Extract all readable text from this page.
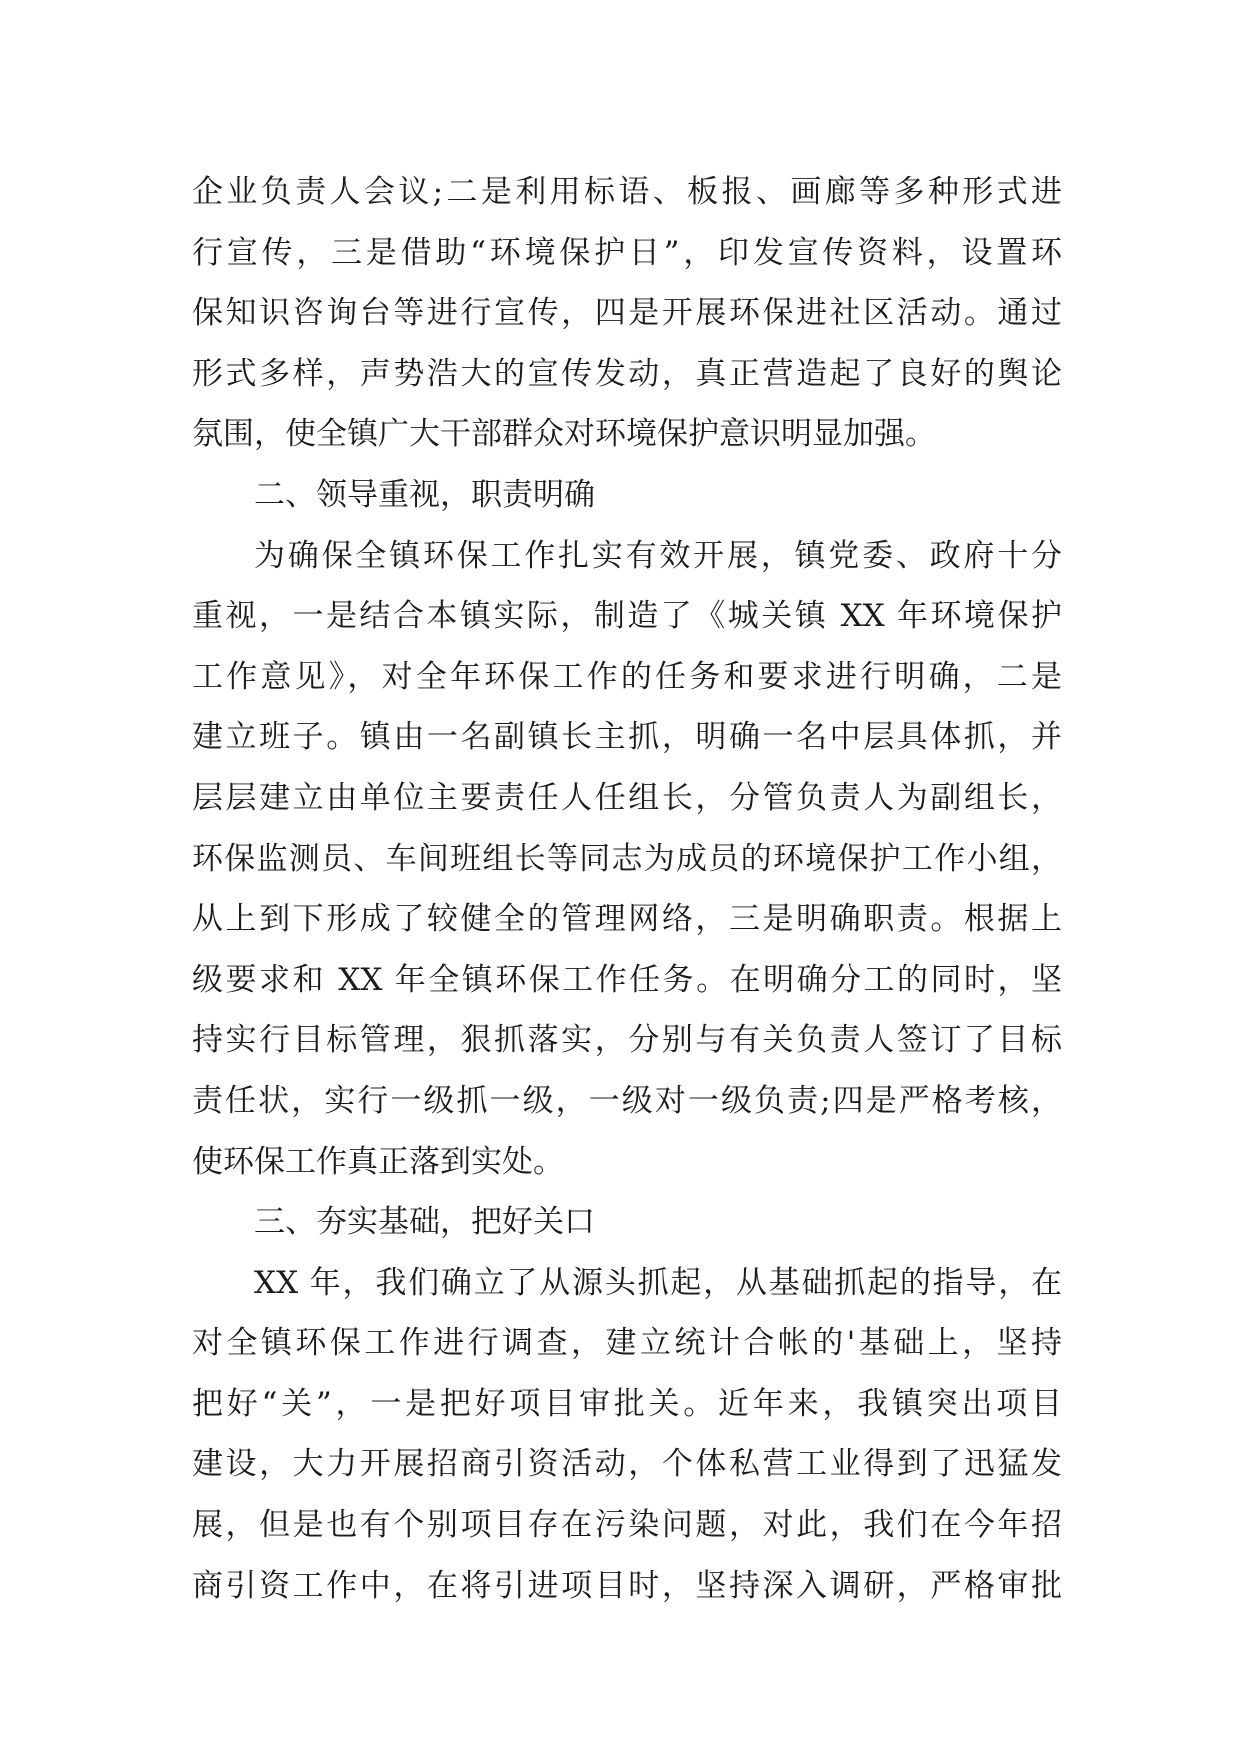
企业负责人会议;二是利用标语、板报、画廊等多种形式进
行宣传，三是借助“环境保护日”，印发宣传资料，设置环
保知识咨询台等进行宣传，四是开展环保进社区活动。通过
形式多样，声势浩大的宣传发动，真正营造起了良好的舆论
氛围，使全镇广大干部群众对环境保护意识明显加强。
二、领导重视，职责明确
为确保全镇环保工作扎实有效开展，镇党委、政府十分
重视，一是结合本镇实际，制造了《城关镇 XX 年环境保护
工作意见》，对全年环保工作的任务和要求进行明确，二是
建立班子。镇由一名副镇长主抓，明确一名中层具体抓，并
层层建立由单位主要责任人任组长，分管负责人为副组长，
环保监测员、车间班组长等同志为成员的环境保护工作小组，
从上到下形成了较健全的管理网络，三是明确职责。根据上
级要求和 XX 年全镇环保工作任务。在明确分工的同时，坚
持实行目标管理，狠抓落实，分别与有关负责人签订了目标
责任状，实行一级抓一级，一级对一级负责;四是严格考核，
使环保工作真正落到实处。
三、夯实基础，把好关口
XX 年，我们确立了从源头抓起，从基础抓起的指导，在
对全镇环保工作进行调查，建立统计合帐的'基础上，坚持
把好“关”，一是把好项目审批关。近年来，我镇突出项目
建设，大力开展招商引资活动，个体私营工业得到了迅猛发
展，但是也有个别项目存在污染问题，对此，我们在今年招
商引资工作中，在将引进项目时，坚持深入调研，严格审批
